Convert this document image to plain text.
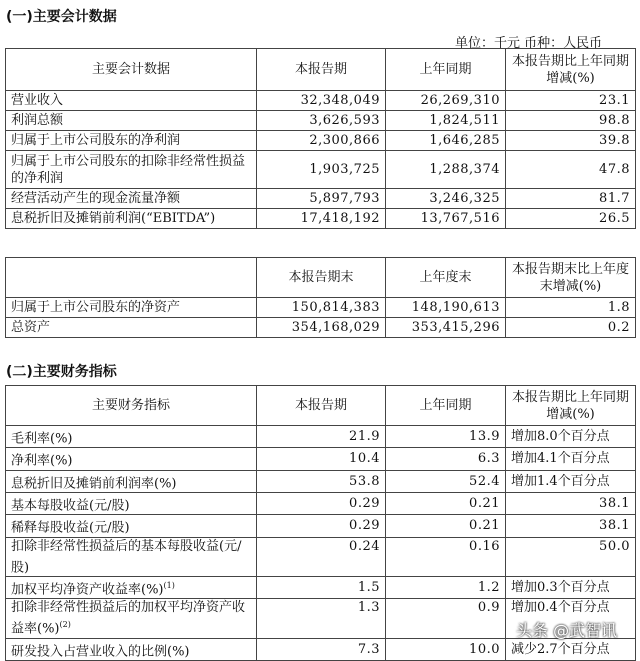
(一)主要会计数据
单位：千元 币种：人民币
主要会计数据	本报告期	上年同期	本报告期比上年同期增减(%)
营业收入	32,348,049	26,269,310	23.1
利润总额	3,626,593	1,824,511	98.8
归属于上市公司股东的净利润	2,300,866	1,646,285	39.8
归属于上市公司股东的扣除非经常性损益的净利润	1,903,725	1,288,374	47.8
经营活动产生的现金流量净额	5,897,793	3,246,325	81.7
息税折旧及摊销前利润(“EBITDA”)	17,418,192	13,767,516	26.5
	本报告期末	上年度末	本报告期末比上年度末增减(%)
归属于上市公司股东的净资产	150,814,383	148,190,613	1.8
总资产	354,168,029	353,415,296	0.2
(二)主要财务指标
主要财务指标	本报告期	上年同期	本报告期比上年同期增减(%)
毛利率(%)	21.9	13.9	增加8.0个百分点
净利率(%)	10.4	6.3	增加4.1个百分点
息税折旧及摊销前利润率(%)	53.8	52.4	增加1.4个百分点
基本每股收益(元/股)	0.29	0.21	38.1
稀释每股收益(元/股)	0.29	0.21	38.1
扣除非经常性损益后的基本每股收益(元/股)	0.24	0.16	50.0
加权平均净资产收益率(%)$^{(1)}$	1.5	1.2	增加0.3个百分点
扣除非经常性损益后的加权平均净资产收益率(%)$^{(2)}$	1.3	0.9	增加0.4个百分点
研发投入占营业收入的比例(%)	7.3	10.0	减少2.7个百分点
头条 @武智讯
